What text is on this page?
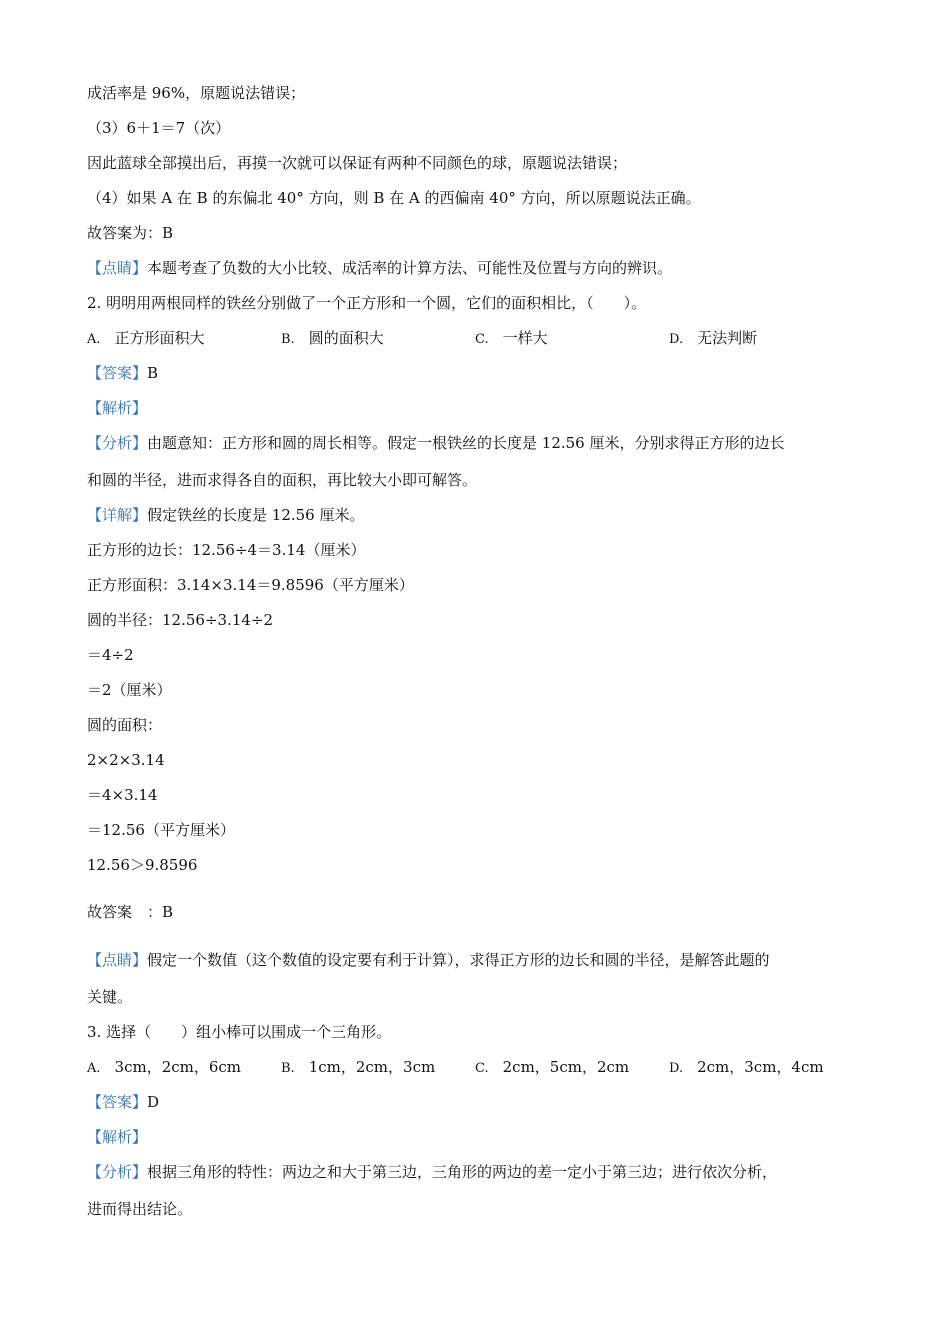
成活率是 96%，原题说法错误；
（3）6＋1＝7（次）
因此蓝球全部摸出后，再摸一次就可以保证有两种不同颜色的球，原题说法错误；
（4）如果 A 在 B 的东偏北 40° 方向，则 B 在 A 的西偏南 40° 方向，所以原题说法正确。
故答案为：B
【点睛】本题考查了负数的大小比较、成活率的计算方法、可能性及位置与方向的辨识。
2. 明明用两根同样的铁丝分别做了一个正方形和一个圆，它们的面积相比，（　　）。
A. 正方形面积大	B. 圆的面积大	C. 一样大	D. 无法判断
【答案】B
【解析】
【分析】由题意知：正方形和圆的周长相等。假定一根铁丝的长度是 12.56 厘米，分别求得正方形的边长
和圆的半径，进而求得各自的面积，再比较大小即可解答。
【详解】假定铁丝的长度是 12.56 厘米。
正方形的边长：12.56÷4＝3.14（厘米）
正方形面积：3.14×3.14＝9.8596（平方厘米）
圆的半径：12.56÷3.14÷2
＝4÷2
＝2（厘米）
圆的面积：
2×2×3.14
＝4×3.14
＝12.56（平方厘米）
12.56＞9.8596
故答案　：B
【点睛】假定一个数值（这个数值的设定要有利于计算），求得正方形的边长和圆的半径，是解答此题的
关键。
3. 选择（　　）组小棒可以围成一个三角形。
A. 3cm，2cm，6cm	B. 1cm，2cm，3cm	C. 2cm，5cm，2cm	D. 2cm，3cm，4cm
【答案】D
【解析】
【分析】根据三角形的特性：两边之和大于第三边，三角形的两边的差一定小于第三边；进行依次分析，
进而得出结论。
